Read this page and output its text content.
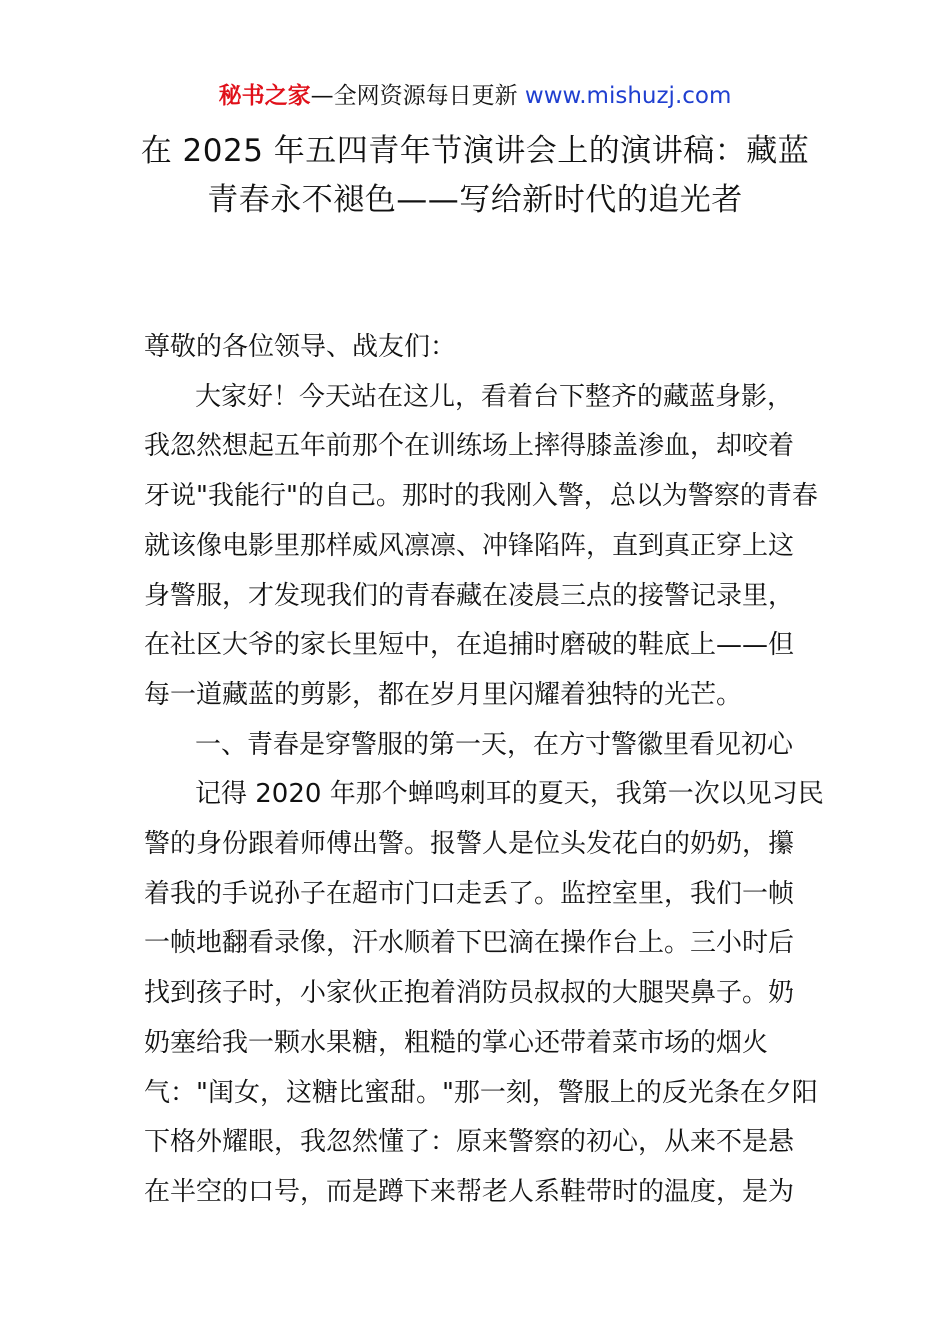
秘书之家—全网资源每日更新 www.mishuzj.com
在 2025 年五四青年节演讲会上的演讲稿：藏蓝
青春永不褪色——写给新时代的追光者

尊敬的各位领导、战友们：

大家好！今天站在这儿，看着台下整齐的藏蓝身影，

我忽然想起五年前那个在训练场上摔得膝盖渗血，却咬着

牙说"我能行"的自己。那时的我刚入警，总以为警察的青春

就该像电影里那样威风凛凛、冲锋陷阵，直到真正穿上这

身警服，才发现我们的青春藏在凌晨三点的接警记录里，

在社区大爷的家长里短中，在追捕时磨破的鞋底上——但

每一道藏蓝的剪影，都在岁月里闪耀着独特的光芒。

一、青春是穿警服的第一天，在方寸警徽里看见初心

记得 2020 年那个蝉鸣刺耳的夏天，我第一次以见习民

警的身份跟着师傅出警。报警人是位头发花白的奶奶，攥

着我的手说孙子在超市门口走丢了。监控室里，我们一帧

一帧地翻看录像，汗水顺着下巴滴在操作台上。三小时后

找到孩子时，小家伙正抱着消防员叔叔的大腿哭鼻子。奶

奶塞给我一颗水果糖，粗糙的掌心还带着菜市场的烟火

气："闺女，这糖比蜜甜。"那一刻，警服上的反光条在夕阳

下格外耀眼，我忽然懂了：原来警察的初心，从来不是悬

在半空的口号，而是蹲下来帮老人系鞋带时的温度，是为
